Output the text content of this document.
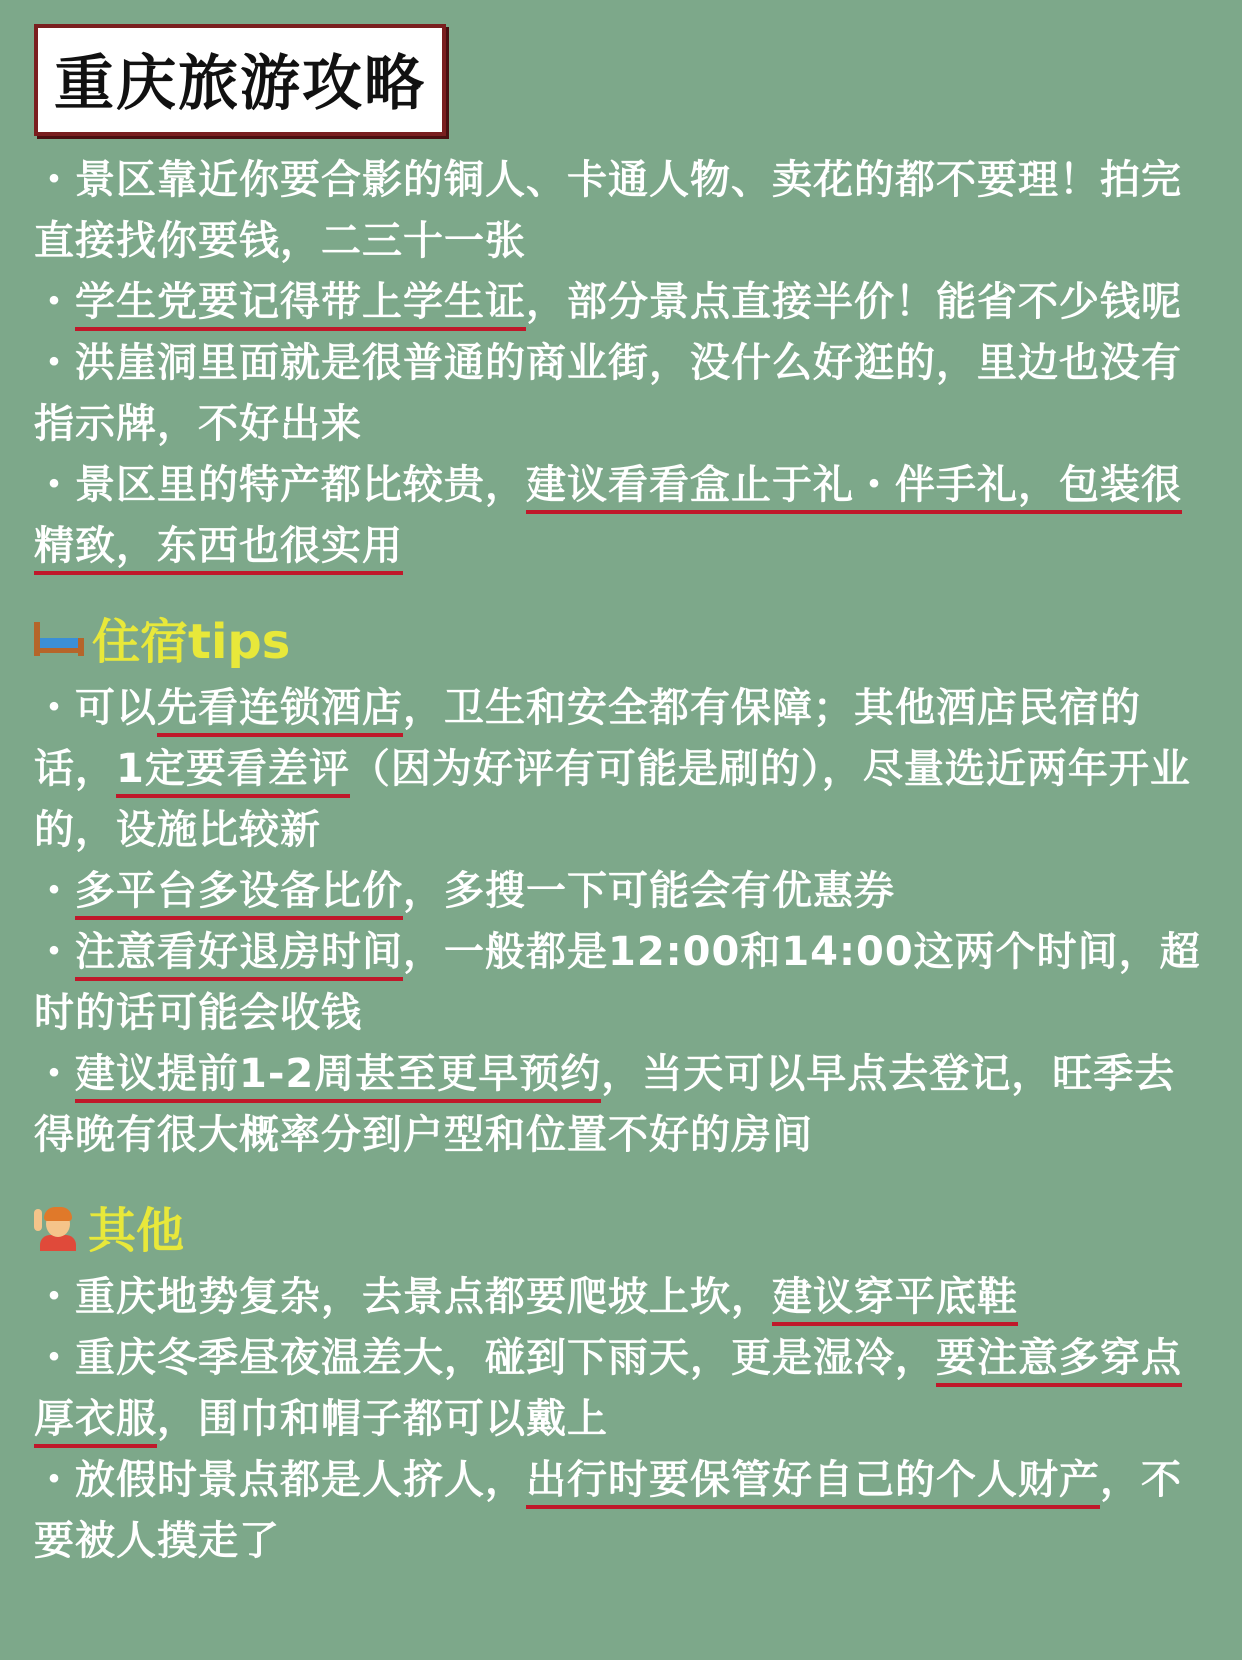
重庆旅游攻略
・景区靠近你要合影的铜人、卡通人物、卖花的都不要理！拍完直接找你要钱，二三十一张
・学生党要记得带上学生证，部分景点直接半价！能省不少钱呢
・洪崖洞里面就是很普通的商业街，没什么好逛的，里边也没有指示牌，不好出来
・景区里的特产都比较贵，建议看看盒止于礼・伴手礼，包装很精致，东西也很实用
住宿tips
・可以先看连锁酒店，卫生和安全都有保障；其他酒店民宿的话，1定要看差评（因为好评有可能是刷的），尽量选近两年开业的，设施比较新
・多平台多设备比价，多搜一下可能会有优惠券
・注意看好退房时间，一般都是12:00和14:00这两个时间，超时的话可能会收钱
・建议提前1-2周甚至更早预约，当天可以早点去登记，旺季去得晚有很大概率分到户型和位置不好的房间
其他
・重庆地势复杂，去景点都要爬坡上坎，建议穿平底鞋
・重庆冬季昼夜温差大，碰到下雨天，更是湿冷，要注意多穿点厚衣服，围巾和帽子都可以戴上
・放假时景点都是人挤人，出行时要保管好自己的个人财产，不要被人摸走了
